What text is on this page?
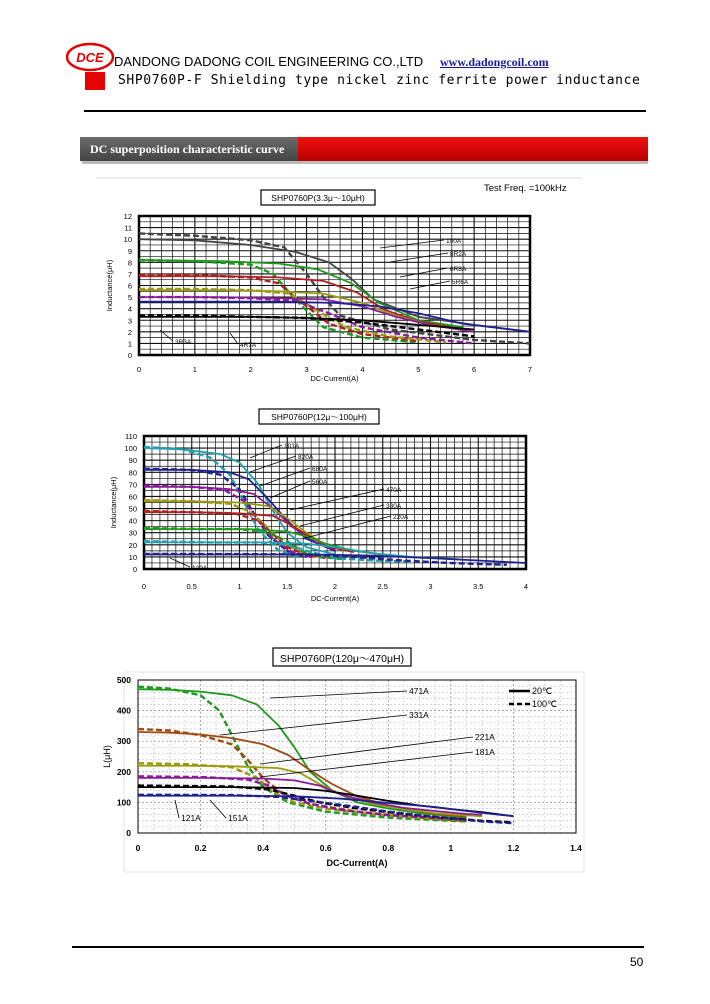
DCE DANDONG DADONG COIL ENGINEERING CO.,LTD www.dadongcoil.com
SHP0760P-F Shielding type nickel zinc ferrite power inductance
DC superposition characteristic curve
Test Freq. =100kHz
0
1
2
3
4
5
6
7
8
9
10
11
12
0	1	2	3	4	5	6	7
SHP0760P(3.3μ～10μH)
DC-Current(A)
Inductance(μH)
100A
8R2A
6R8A
5R6A
3R3A	4R7A
0
10
20
30
40
50
60
70
80
90
100
110
0	0.5	1	1.5	2	2.5	3	3.5	4
SHP0760P(12μ～100μH)
DC-Current(A)
Inductance(μH)
101A
820A
680A
560A
470A
330A
220A
120A
0
100
200
300
400
500
0	0.2	0.4	0.6	0.8	1	1.2	1.4
SHP0760P(120μ～470μH)
DC-Current(A)
L(μH)
471A
331A
221A
181A
121A	151A
20℃
100℃
50
